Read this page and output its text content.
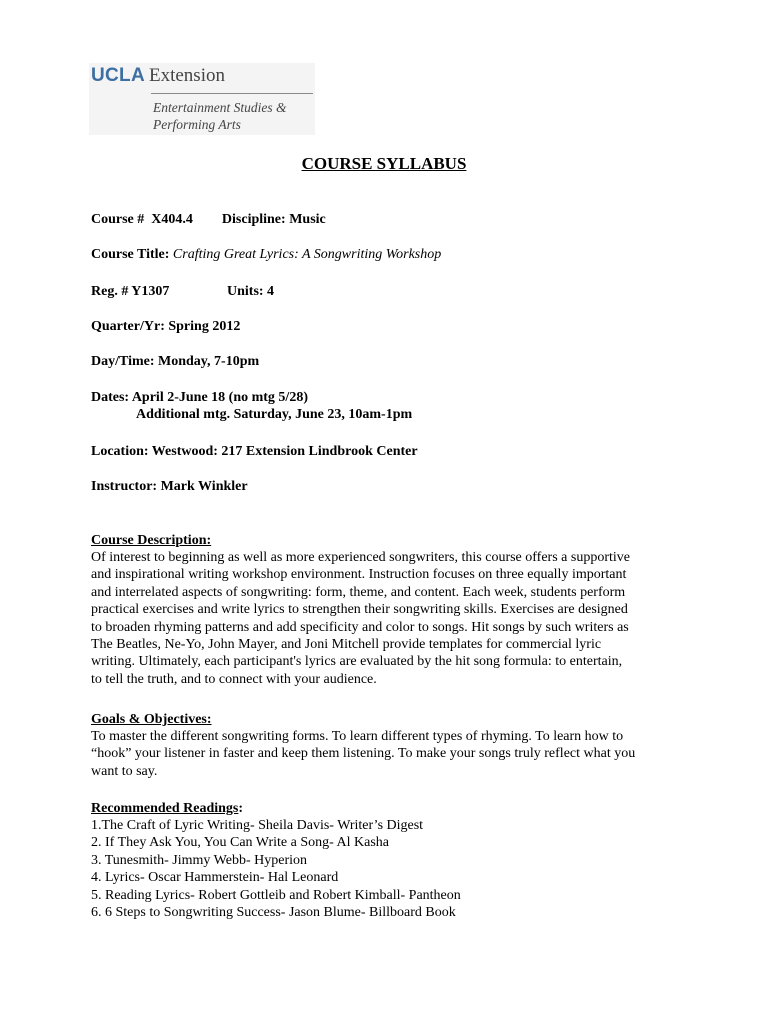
UCLA Extension
Entertainment Studies &
Performing Arts
COURSE SYLLABUS
Course # X404.4 Discipline: Music
Course Title: Crafting Great Lyrics: A Songwriting Workshop
Reg. # Y1307	Units: 4
Quarter/Yr: Spring 2012
Day/Time: Monday, 7-10pm
Dates: April 2-June 18 (no mtg 5/28)
Additional mtg. Saturday, June 23, 10am-1pm
Location: Westwood: 217 Extension Lindbrook Center
Instructor: Mark Winkler
Course Description:
Of interest to beginning as well as more experienced songwriters, this course offers a supportive
and inspirational writing workshop environment. Instruction focuses on three equally important
and interrelated aspects of songwriting: form, theme, and content. Each week, students perform
practical exercises and write lyrics to strengthen their songwriting skills. Exercises are designed
to broaden rhyming patterns and add specificity and color to songs. Hit songs by such writers as
The Beatles, Ne-Yo, John Mayer, and Joni Mitchell provide templates for commercial lyric
writing. Ultimately, each participant's lyrics are evaluated by the hit song formula: to entertain,
to tell the truth, and to connect with your audience.
Goals & Objectives:
To master the different songwriting forms. To learn different types of rhyming. To learn how to
“hook” your listener in faster and keep them listening. To make your songs truly reflect what you
want to say.
Recommended Readings:
1.The Craft of Lyric Writing- Sheila Davis- Writer’s Digest
2. If They Ask You, You Can Write a Song- Al Kasha
3. Tunesmith- Jimmy Webb- Hyperion
4. Lyrics- Oscar Hammerstein- Hal Leonard
5. Reading Lyrics- Robert Gottleib and Robert Kimball- Pantheon
6. 6 Steps to Songwriting Success- Jason Blume- Billboard Book
